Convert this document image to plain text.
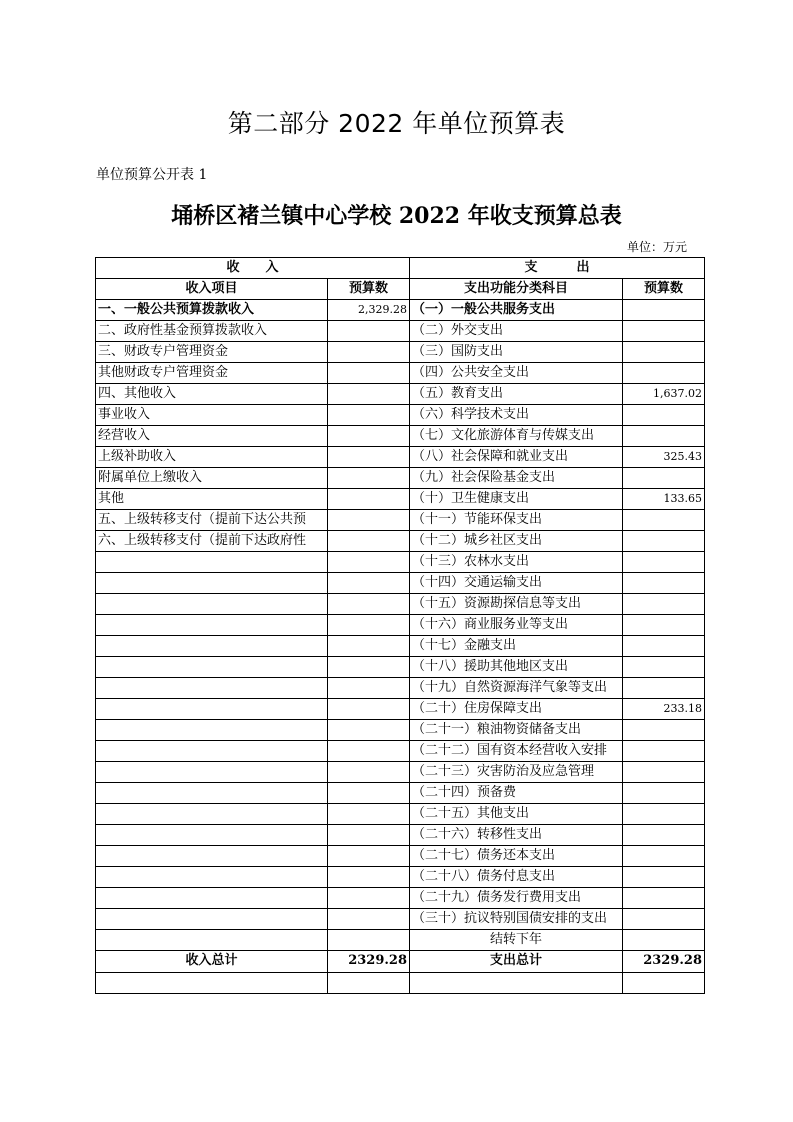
第二部分 2022 年单位预算表
单位预算公开表 1
埇桥区褚兰镇中心学校 2022 年收支预算总表
单位：万元
收　　入		支　　　出	
收入项目	预算数	支出功能分类科目	预算数
一、一般公共预算拨款收入	2,329.28	（一）一般公共服务支出	
二、政府性基金预算拨款收入		（二）外交支出	
三、财政专户管理资金		（三）国防支出	
其他财政专户管理资金		（四）公共安全支出	
四、其他收入		（五）教育支出	1,637.02
事业收入		（六）科学技术支出	
经营收入		（七）文化旅游体育与传媒支出	
上级补助收入		（八）社会保障和就业支出	325.43
附属单位上缴收入		（九）社会保险基金支出	
其他		（十）卫生健康支出	133.65
五、上级转移支付（提前下达公共预		（十一）节能环保支出	
六、上级转移支付（提前下达政府性		（十二）城乡社区支出	
		（十三）农林水支出	
		（十四）交通运输支出	
		（十五）资源勘探信息等支出	
		（十六）商业服务业等支出	
		（十七）金融支出	
		（十八）援助其他地区支出	
		（十九）自然资源海洋气象等支出	
		（二十）住房保障支出	233.18
		（二十一）粮油物资储备支出	
		（二十二）国有资本经营收入安排	
		（二十三）灾害防治及应急管理	
		（二十四）预备费	
		（二十五）其他支出	
		（二十六）转移性支出	
		（二十七）债务还本支出	
		（二十八）债务付息支出	
		（二十九）债务发行费用支出	
		（三十）抗议特别国债安排的支出	
		结转下年	
收入总计	2329.28	支出总计	2329.28
